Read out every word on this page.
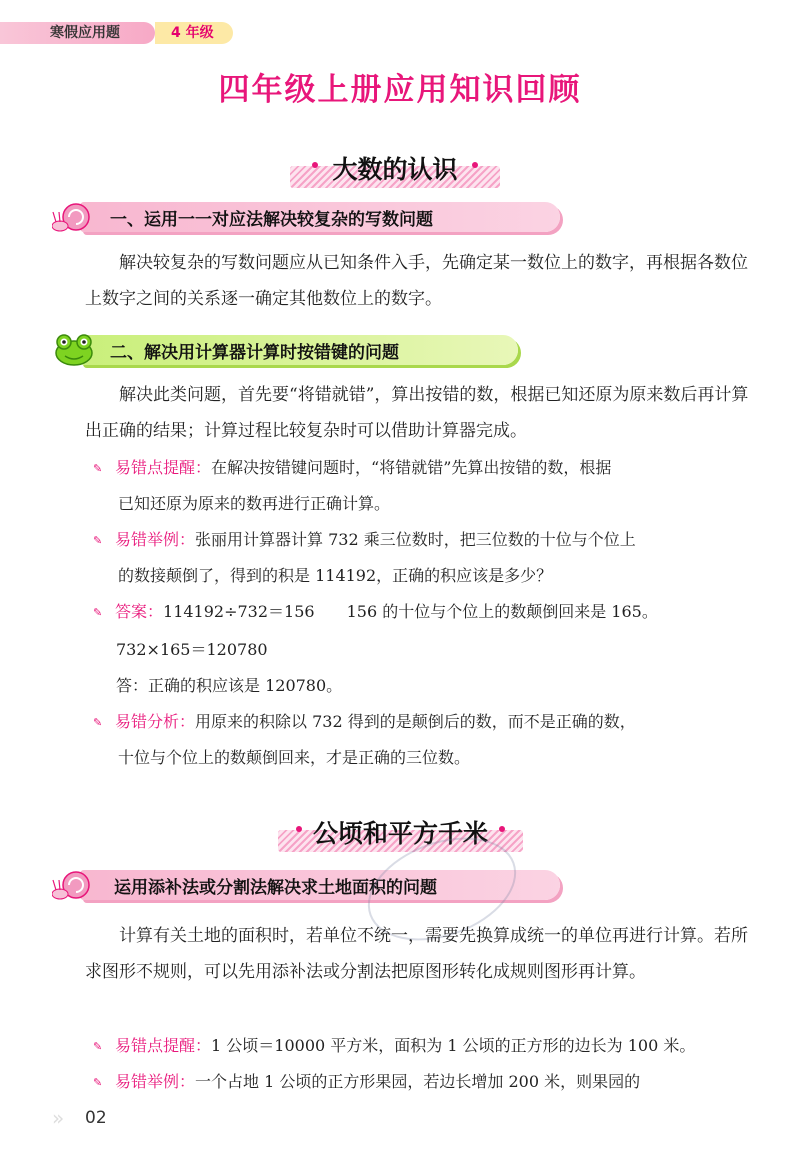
寒假应用题	4 年级
四年级上册应用知识回顾
大数的认识
一、运用一一对应法解决较复杂的写数问题
解决较复杂的写数问题应从已知条件入手，先确定某一数位上的数字，再根据各数位上数字之间的关系逐一确定其他数位上的数字。
二、解决用计算器计算时按错键的问题
解决此类问题，首先要“将错就错”，算出按错的数，根据已知还原为原来数后再计算出正确的结果；计算过程比较复杂时可以借助计算器完成。
✎ 易错点提醒：在解决按错键问题时，“将错就错”先算出按错的数，根据
已知还原为原来的数再进行正确计算。
✎ 易错举例：张丽用计算器计算 732 乘三位数时，把三位数的十位与个位上
的数接颠倒了，得到的积是 114192，正确的积应该是多少？
✎ 答案：114192÷732＝156　　156 的十位与个位上的数颠倒回来是 165。
732×165＝120780
答：正确的积应该是 120780。
✎ 易错分析：用原来的积除以 732 得到的是颠倒后的数，而不是正确的数，
十位与个位上的数颠倒回来，才是正确的三位数。
公顷和平方千米
运用添补法或分割法解决求土地面积的问题
计算有关土地的面积时，若单位不统一，需要先换算成统一的单位再进行计算。若所求图形不规则，可以先用添补法或分割法把原图形转化成规则图形再计算。
✎ 易错点提醒：1 公顷＝10000 平方米，面积为 1 公顷的正方形的边长为 100 米。
✎ 易错举例：一个占地 1 公顷的正方形果园，若边长增加 200 米，则果园的
» 02
